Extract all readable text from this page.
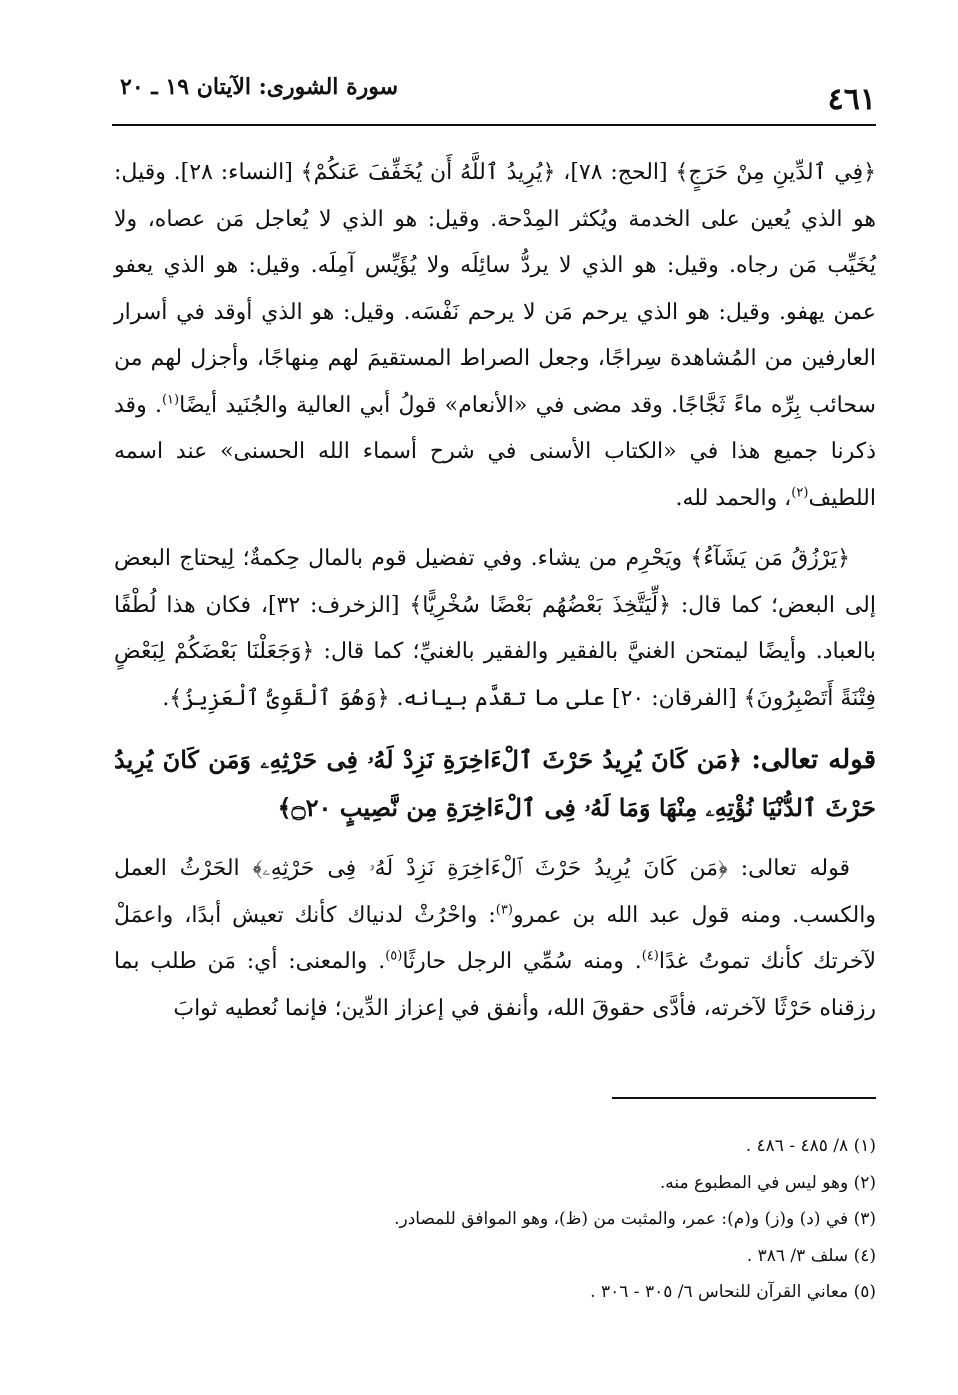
٤٦١
سورة الشورى: الآيتان ١٩ ـ ٢٠

﴿فِي ٱلدِّينِ مِنْ حَرَجٍ﴾ [الحج: ٧٨]، ﴿يُرِيدُ ٱللَّهُ أَن يُخَفِّفَ عَنكُمْ﴾ [النساء: ٢٨]. وقيل: هو الذي يُعين على الخدمة ويُكثر المِدْحة. وقيل: هو الذي لا يُعاجل مَن عصاه، ولا يُخَيِّب مَن رجاه. وقيل: هو الذي لا يردُّ سائِلَه ولا يُؤَيِّس آمِلَه. وقيل: هو الذي يعفو عمن يهفو. وقيل: هو الذي يرحم مَن لا يرحم نَفْسَه. وقيل: هو الذي أوقد في أسرار العارفين من المُشاهدة سِراجًا، وجعل الصراط المستقيمَ لهم مِنهاجًا، وأجزل لهم من سحائب بِرِّه ماءً ثَجَّاجًا. وقد مضى في «الأنعام» قولُ أبي العالية والجُنَيد أيضًا$^{(١)}$. وقد ذكرنا جميع هذا في «الكتاب الأسنى في شرح أسماء الله الحسنى» عند اسمه اللطيف$^{(٢)}$، والحمد لله.

﴿يَرْزُقُ مَن يَشَآءُ﴾ ويَحْرِم من يشاء. وفي تفضيل قوم بالمال حِكمةٌ؛ لِيحتاج البعض إلى البعض؛ كما قال: ﴿لِّيَتَّخِذَ بَعْضُهُم بَعْضًا سُخْرِيًّا﴾ [الزخرف: ٣٢]، فكان هذا لُطْفًا بالعباد. وأيضًا ليمتحن الغنيَّ بالفقير والفقير بالغنيِّ؛ كما قال: ﴿وَجَعَلْنَا بَعْضَكُمْ لِبَعْضٍ فِتْنَةً أَتَصْبِرُونَ﴾ [الفرقان: ٢٠] على ما تقدَّم بيانه. ﴿وَهُوَ ٱلْقَوِىُّ ٱلْعَزِيزُ﴾.

قوله تعالى: ﴿مَن كَانَ يُرِيدُ حَرْثَ ٱلْءَاخِرَةِ نَزِدْ لَهُۥ فِى حَرْثِهِۦ وَمَن كَانَ يُرِيدُ حَرْثَ ٱلدُّنْيَا نُؤْتِهِۦ مِنْهَا وَمَا لَهُۥ فِى ٱلْءَاخِرَةِ مِن نَّصِيبٍ ۝٢٠﴾

قوله تعالى: ﴿مَن كَانَ يُرِيدُ حَرْثَ ٱلْءَاخِرَةِ نَزِدْ لَهُۥ فِى حَرْثِهِۦ﴾ الحَرْثُ العمل والكسب. ومنه قول عبد الله بن عمرو$^{(٣)}$: واحْرُثْ لدنياك كأنك تعيش أبدًا، واعمَلْ لآخرتك كأنك تموتُ غدًا$^{(٤)}$. ومنه سُمِّي الرجل حارثًا$^{(٥)}$. والمعنى: أي: مَن طلب بما رزقناه حَرْثًا لآخرته، فأدَّى حقوقَ الله، وأنفق في إعزاز الدِّين؛ فإنما نُعطيه ثوابَ

(١) ٨/ ٤٨٥ - ٤٨٦ .

(٢) وهو ليس في المطبوع منه.

(٣) في (د) و(ز) و(م): عمر، والمثبت من (ظ)، وهو الموافق للمصادر.

(٤) سلف ٣/ ٣٨٦ .

(٥) معاني القرآن للنحاس ٦/ ٣٠٥ - ٣٠٦ .
